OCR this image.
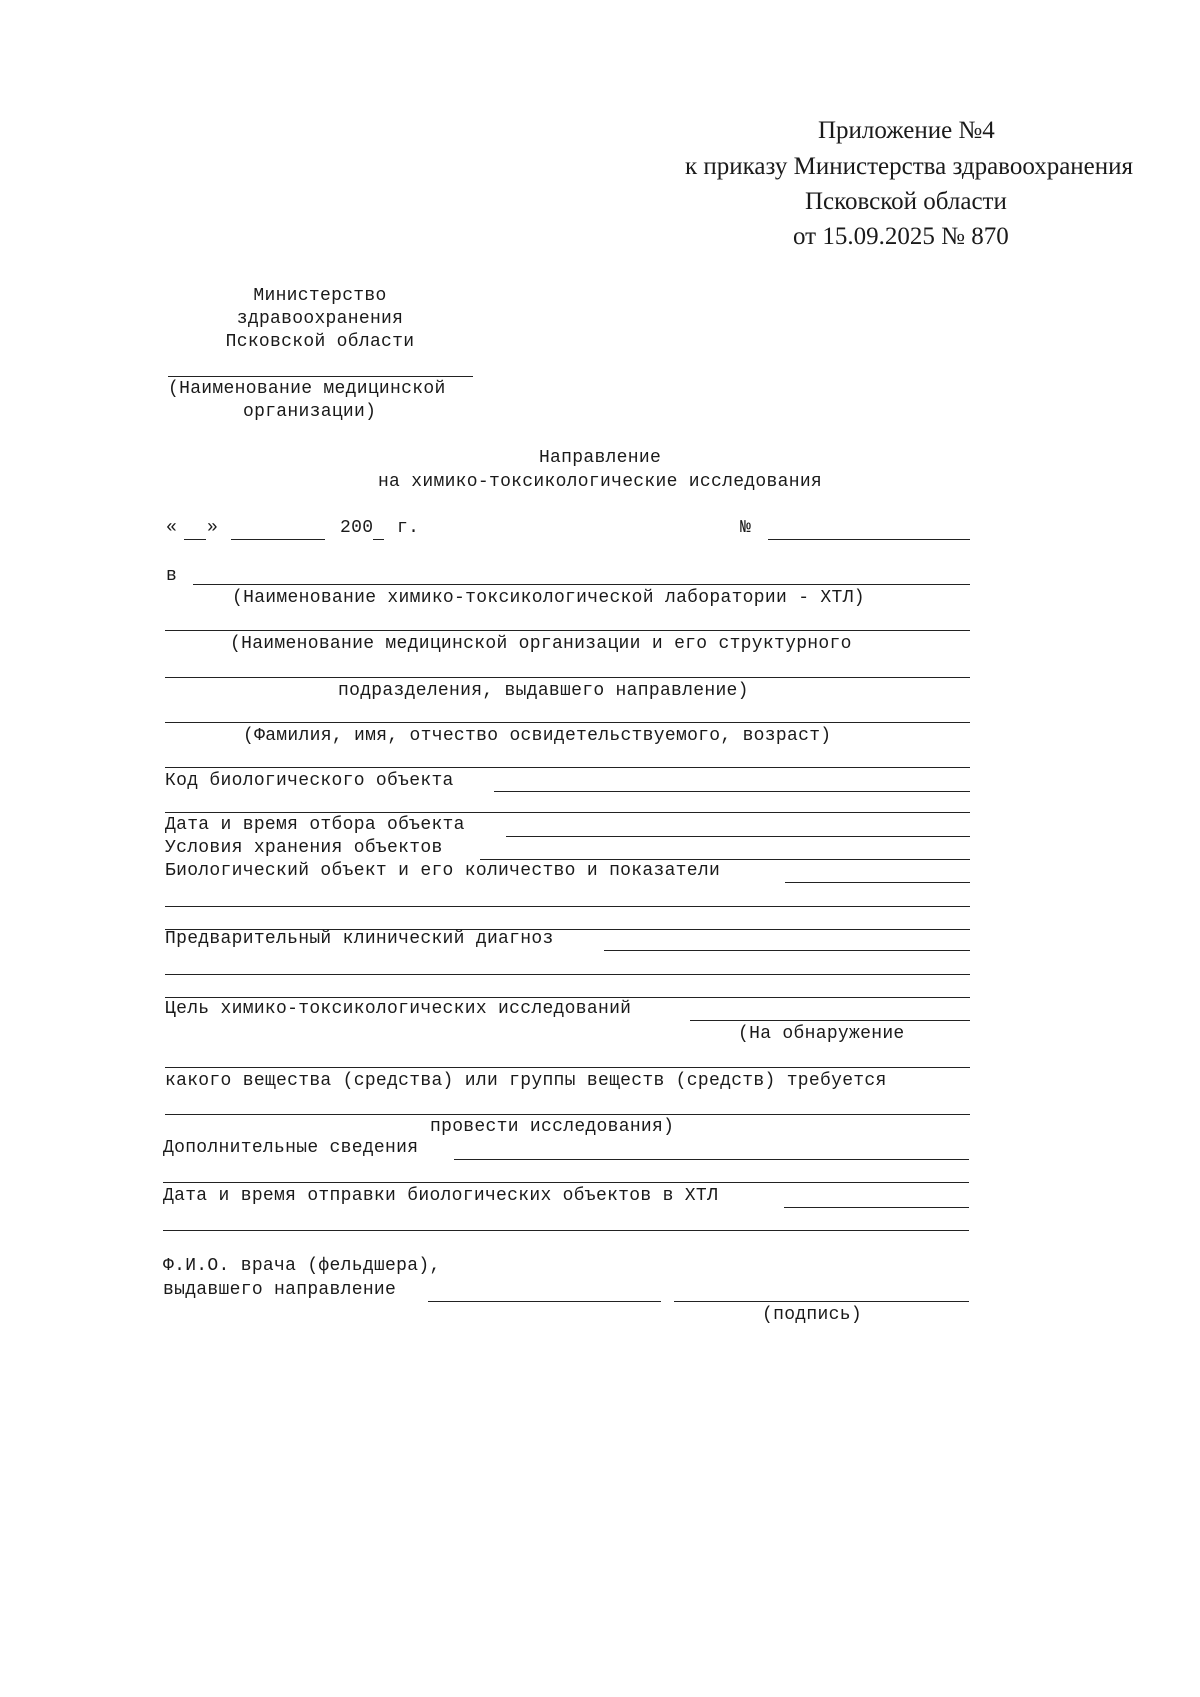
Приложение №4
к приказу Министерства здравоохранения
Псковской области
от 15.09.2025 № 870
Министерство
здравоохранения
Псковской области
(Наименование медицинской
организации)
Направление
на химико-токсикологические исследования
« »	200 г.	№
в
(Наименование химико-токсикологической лаборатории - ХТЛ)
(Наименование медицинской организации и его структурного
подразделения, выдавшего направление)
(Фамилия, имя, отчество освидетельствуемого, возраст)
Код биологического объекта
Дата и время отбора объекта
Условия хранения объектов
Биологический объект и его количество и показатели
Предварительный клинический диагноз
Цель химико-токсикологических исследований
(На обнаружение
какого вещества (средства) или группы веществ (средств) требуется
провести исследования)
Дополнительные сведения
Дата и время отправки биологических объектов в ХТЛ
Ф.И.О. врача (фельдшера),
выдавшего направление
(подпись)
